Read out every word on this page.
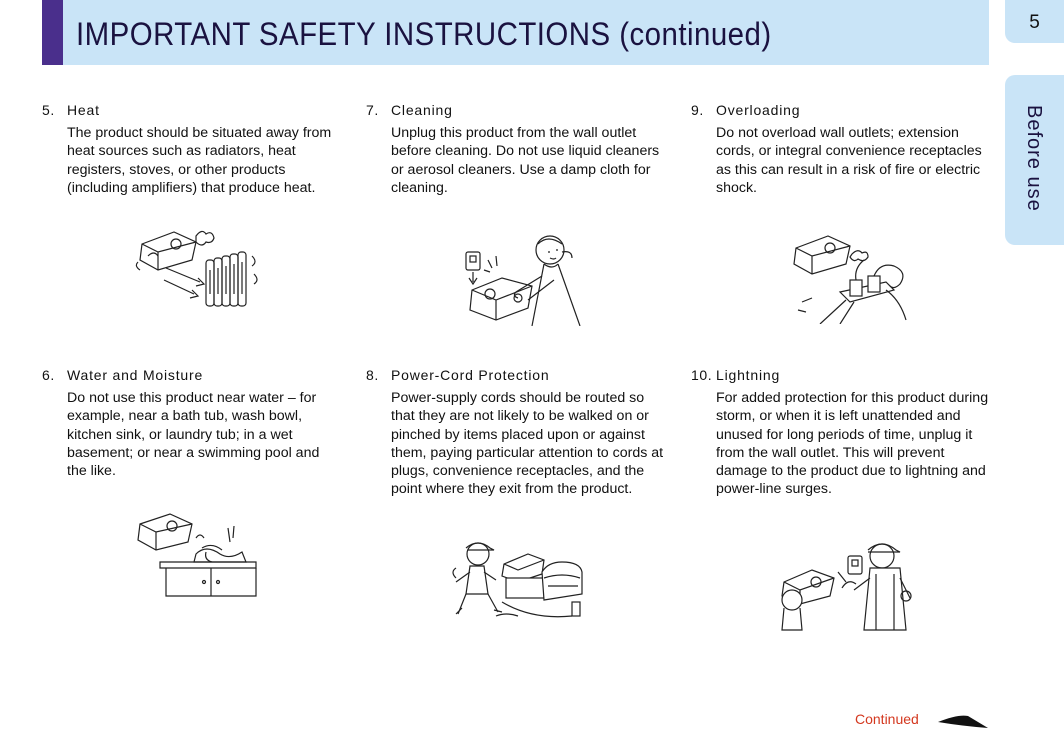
IMPORTANT SAFETY INSTRUCTIONS (continued)	5
Before use
5. Heat
The product should be situated away from heat sources such as radiators, heat registers, stoves, or other products (including amplifiers) that produce heat.
6. Water and Moisture
Do not use this product near water – for example, near a bath tub, wash bowl, kitchen sink, or laundry tub; in a wet basement; or near a swimming pool and the like.
7. Cleaning
Unplug this product from the wall outlet before cleaning. Do not use liquid cleaners or aerosol cleaners. Use a damp cloth for cleaning.
8. Power-Cord Protection
Power-supply cords should be routed so that they are not likely to be walked on or pinched by items placed upon or against them, paying particular attention to cords at plugs, convenience receptacles, and the point where they exit from the product.
9. Overloading
Do not overload wall outlets; extension cords, or integral convenience receptacles as this can result in a risk of fire or electric shock.
10. Lightning
For added protection for this product during storm, or when it is left unattended and unused for long periods of time, unplug it from the wall outlet. This will prevent damage to the product due to lightning and power-line surges.
Continued
